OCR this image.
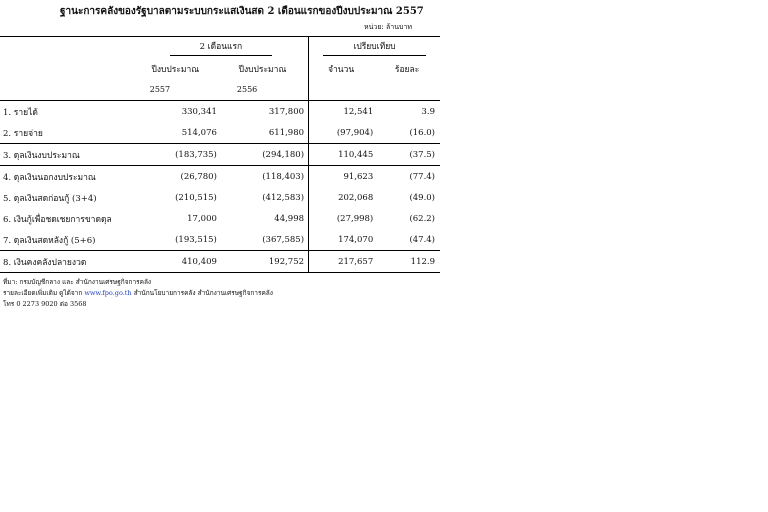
ฐานะการคลังของรัฐบาลตามระบบกระแสเงินสด 2 เดือนแรกของปีงบประมาณ 2557
หน่วย: ล้านบาท
	2 เดือนแรก		เปรียบเทียบ	
	ปีงบประมาณ	ปีงบประมาณ	จำนวน	ร้อยละ
	2557	2556		
1. รายได้	330,341	317,800	12,541	3.9
2. รายจ่าย	514,076	611,980	(97,904)	(16.0)
3. ดุลเงินงบประมาณ	(183,735)	(294,180)	110,445	(37.5)
4. ดุลเงินนอกงบประมาณ	(26,780)	(118,403)	91,623	(77.4)
5. ดุลเงินสดก่อนกู้ (3+4)	(210,515)	(412,583)	202,068	(49.0)
6. เงินกู้เพื่อชดเชยการขาดดุล	17,000	44,998	(27,998)	(62.2)
7. ดุลเงินสดหลังกู้ (5+6)	(193,515)	(367,585)	174,070	(47.4)
8. เงินคงคลังปลายงวด	410,409	192,752	217,657	112.9
ที่มา: กรมบัญชีกลาง และ สำนักงานเศรษฐกิจการคลัง
รายละเอียดเพิ่มเติม ดูได้จาก www.fpo.go.th สำนักนโยบายการคลัง สำนักงานเศรษฐกิจการคลัง
โทร 0 2273 9020 ต่อ 3568
